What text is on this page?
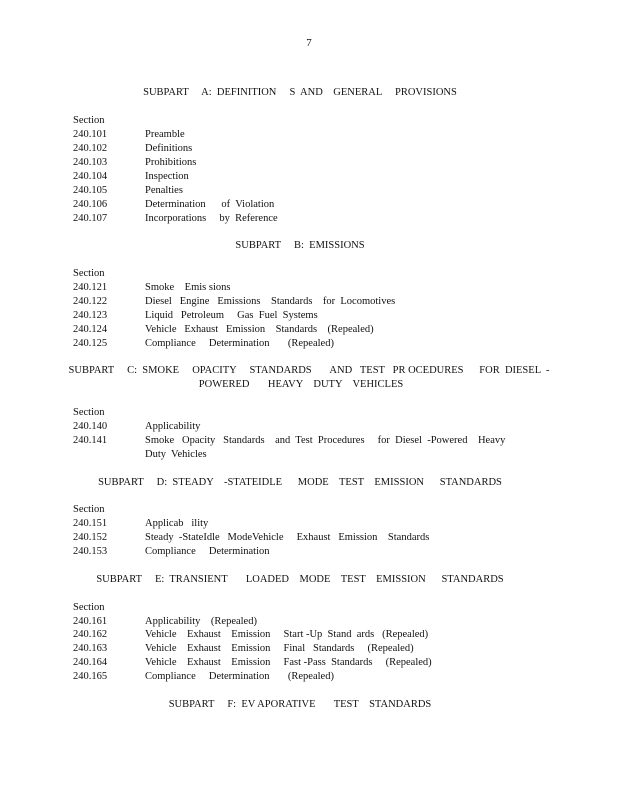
7
SUBPART     A:  DEFINITION     S  AND    GENERAL     PROVISIONS
Section
240.101	Preamble
240.102	Definitions
240.103	Prohibitions
240.104	Inspection
240.105	Penalties
240.106	Determination      of  Violation
240.107	Incorporations     by  Reference
SUBPART     B:  EMISSIONS
Section
240.121	Smoke    Emis sions
240.122	Diesel   Engine   Emissions    Standards    for  Locomotives
240.123	Liquid   Petroleum     Gas  Fuel  Systems
240.124	Vehicle   Exhaust   Emission    Standards    (Repealed)
240.125	Compliance     Determination       (Repealed)
SUBPART     C:  SMOKE     OPACITY     STANDARDS       AND   TEST   PR OCEDURES      FOR  DIESEL  -
POWERED       HEAVY    DUTY    VEHICLES
Section
240.140	Applicability
240.141	Smoke   Opacity   Standards    and  Test  Procedures     for  Diesel  -Powered    Heavy
Duty  Vehicles
SUBPART     D:  STEADY    -STATEIDLE      MODE    TEST    EMISSION      STANDARDS
Section
240.151	Applicab   ility
240.152	Steady  -StateIdle   ModeVehicle     Exhaust   Emission    Standards
240.153	Compliance     Determination
SUBPART     E:  TRANSIENT       LOADED    MODE    TEST    EMISSION      STANDARDS
Section
240.161	Applicability    (Repealed)
240.162	Vehicle    Exhaust    Emission     Start -Up  Stand  ards   (Repealed)
240.163	Vehicle    Exhaust    Emission     Final   Standards     (Repealed)
240.164	Vehicle    Exhaust    Emission     Fast -Pass  Standards     (Repealed)
240.165	Compliance     Determination       (Repealed)
SUBPART     F:  EV APORATIVE       TEST    STANDARDS
